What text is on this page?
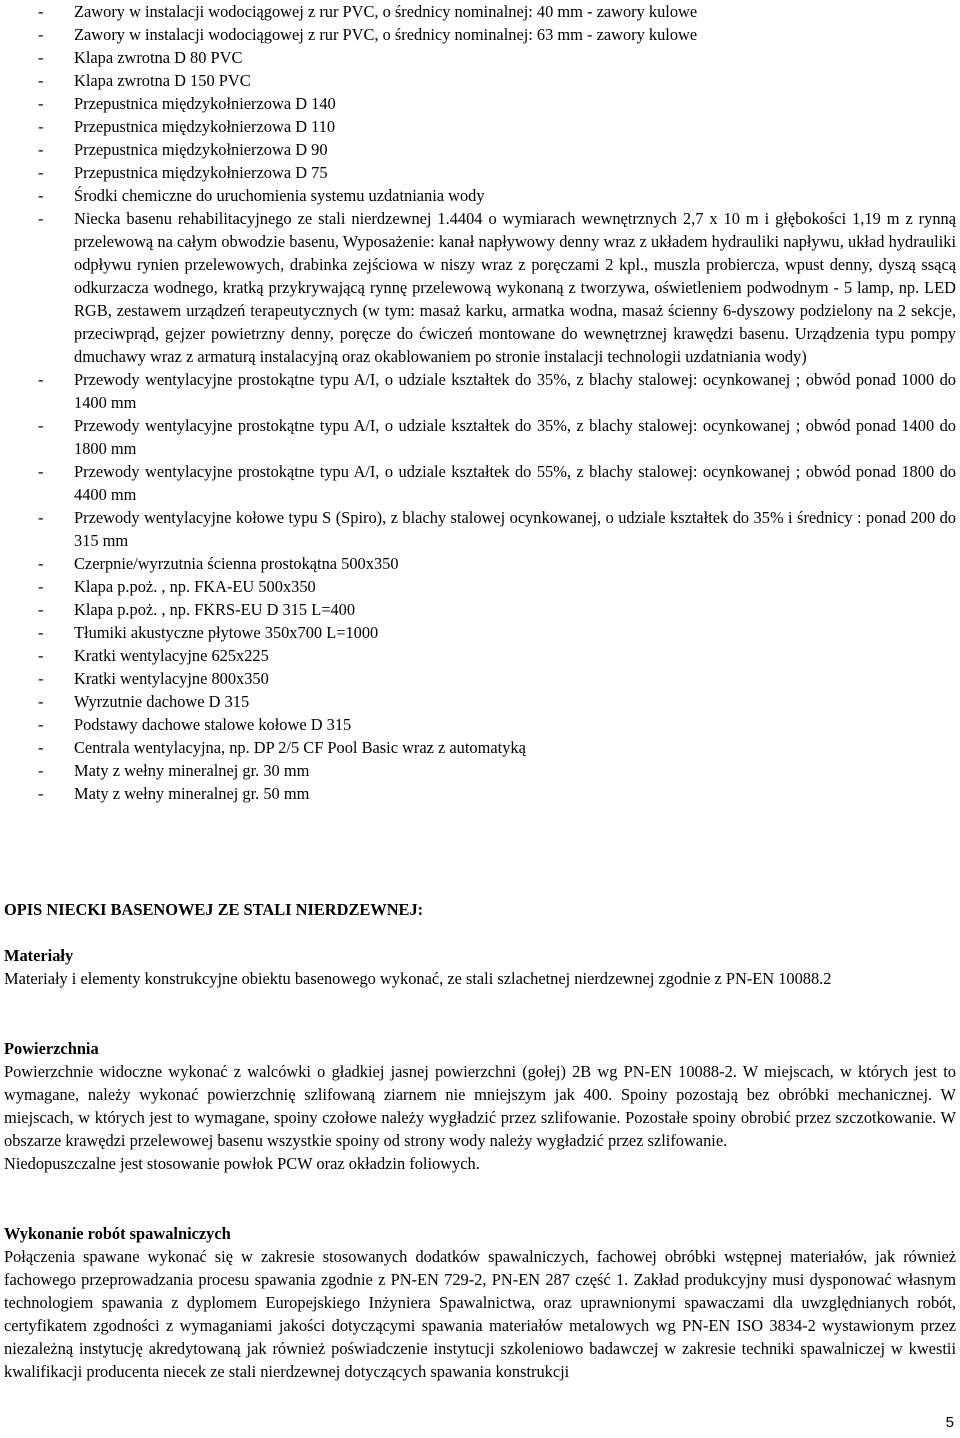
- Zawory w instalacji wodociągowej z rur PVC, o średnicy nominalnej: 40 mm - zawory kulowe
- Zawory w instalacji wodociągowej z rur PVC, o średnicy nominalnej: 63 mm - zawory kulowe
- Klapa zwrotna D 80 PVC
- Klapa zwrotna D 150 PVC
- Przepustnica międzykołnierzowa D 140
- Przepustnica międzykołnierzowa D 110
- Przepustnica międzykołnierzowa D 90
- Przepustnica międzykołnierzowa D 75
- Środki chemiczne do uruchomienia systemu uzdatniania wody
- Niecka basenu rehabilitacyjnego ze stali nierdzewnej 1.4404 o wymiarach wewnętrznych 2,7 x 10 m i głębokości 1,19 m z rynną przelewową na całym obwodzie basenu, Wyposażenie: kanał napływowy denny wraz z układem hydrauliki napływu, układ hydrauliki odpływu rynien przelewowych, drabinka zejściowa w niszy wraz z poręczami 2 kpl., muszla probiercza, wpust denny, dyszą ssącą odkurzacza wodnego, kratką przykrywającą rynnę przelewową wykonaną z tworzywa, oświetleniem podwodnym - 5 lamp, np. LED RGB, zestawem urządzeń terapeutycznych (w tym: masaż karku, armatka wodna, masaż ścienny 6-dyszowy podzielony na 2 sekcje, przeciwprąd, gejzer powietrzny denny, poręcze do ćwiczeń montowane do wewnętrznej krawędzi basenu. Urządzenia typu pompy dmuchawy wraz z armaturą instalacyjną oraz okablowaniem po stronie instalacji technologii uzdatniania wody)
- Przewody wentylacyjne prostokątne typu A/I, o udziale kształtek do 35%, z blachy stalowej: ocynkowanej ; obwód ponad 1000 do 1400 mm
- Przewody wentylacyjne prostokątne typu A/I, o udziale kształtek do 35%, z blachy stalowej: ocynkowanej ; obwód ponad 1400 do 1800 mm
- Przewody wentylacyjne prostokątne typu A/I, o udziale kształtek do 55%, z blachy stalowej: ocynkowanej ; obwód ponad 1800 do 4400 mm
- Przewody wentylacyjne kołowe typu S (Spiro), z blachy stalowej ocynkowanej, o udziale kształtek do 35% i średnicy : ponad 200 do 315 mm
- Czerpnie/wyrzutnia ścienna prostokątna 500x350
- Klapa p.poż. , np. FKA-EU 500x350
- Klapa p.poż. , np. FKRS-EU D 315 L=400
- Tłumiki akustyczne płytowe 350x700 L=1000
- Kratki wentylacyjne 625x225
- Kratki wentylacyjne 800x350
- Wyrzutnie dachowe D 315
- Podstawy dachowe stalowe kołowe D 315
- Centrala wentylacyjna, np. DP 2/5 CF Pool Basic wraz z automatyką
- Maty z wełny mineralnej gr. 30 mm
- Maty z wełny mineralnej gr. 50 mm
OPIS NIECKI BASENOWEJ ZE STALI NIERDZEWNEJ:
Materiały
Materiały i elementy konstrukcyjne obiektu basenowego wykonać, ze stali szlachetnej nierdzewnej zgodnie z PN-EN 10088.2
Powierzchnia
Powierzchnie widoczne wykonać z walcówki o gładkiej jasnej powierzchni (gołej) 2B wg PN-EN 10088-2. W miejscach, w których jest to wymagane, należy wykonać powierzchnię szlifowaną ziarnem nie mniejszym jak 400. Spoiny pozostają bez obróbki mechanicznej. W miejscach, w których jest to wymagane, spoiny czołowe należy wygładzić przez szlifowanie. Pozostałe spoiny obrobić przez szczotkowanie. W obszarze krawędzi przelewowej basenu wszystkie spoiny od strony wody należy wygładzić przez szlifowanie.
Niedopuszczalne jest stosowanie powłok PCW oraz okładzin foliowych.
Wykonanie robót spawalniczych
Połączenia spawane wykonać się w zakresie stosowanych dodatków spawalniczych, fachowej obróbki wstępnej materiałów, jak również fachowego przeprowadzania procesu spawania zgodnie z PN-EN 729-2, PN-EN 287 część 1. Zakład produkcyjny musi dysponować własnym technologiem spawania z dyplomem Europejskiego Inżyniera Spawalnictwa, oraz uprawnionymi spawaczami dla uwzględnianych robót, certyfikatem zgodności z wymaganiami jakości dotyczącymi spawania materiałów metalowych wg PN-EN ISO 3834-2 wystawionym przez niezależną instytucję akredytowaną jak również poświadczenie instytucji szkoleniowo badawczej w zakresie techniki spawalniczej w kwestii kwalifikacji producenta niecek ze stali nierdzewnej dotyczących spawania konstrukcji
5
